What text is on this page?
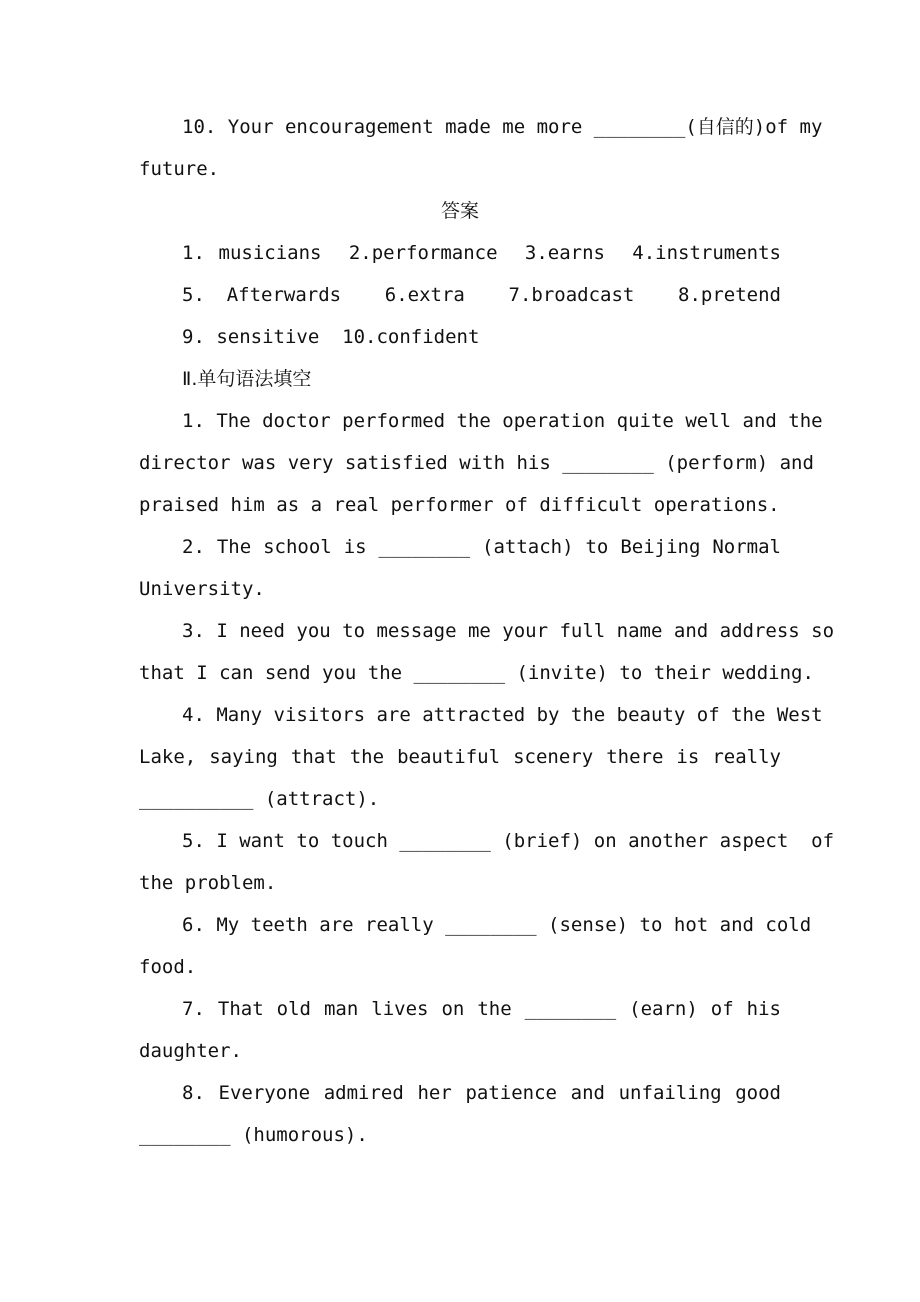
10. Your encouragement made me more ________(自信的)of my
future.
答案
1. musicians  2.performance  3.earns  4.instruments
5. Afterwards  6.extra  7.broadcast  8.pretend
9. sensitive  10.confident
Ⅱ.单句语法填空
1. The doctor performed the operation quite well and the
director was very satisfied with his ________ (perform) and
praised him as a real performer of difficult operations.
2. The school is ________ (attach) to Beijing Normal
University.
3. I need you to message me your full name and address so
that I can send you the ________ (invite) to their wedding.
4. Many visitors are attracted by the beauty of the West
Lake, saying that the beautiful scenery there is really
__________ (attract).
5. I want to touch ________ (brief) on another aspect  of
the problem.
6. My teeth are really ________ (sense) to hot and cold
food.
7. That old man lives on the ________ (earn) of his
daughter.
8. Everyone admired her patience and unfailing good
________ (humorous).
